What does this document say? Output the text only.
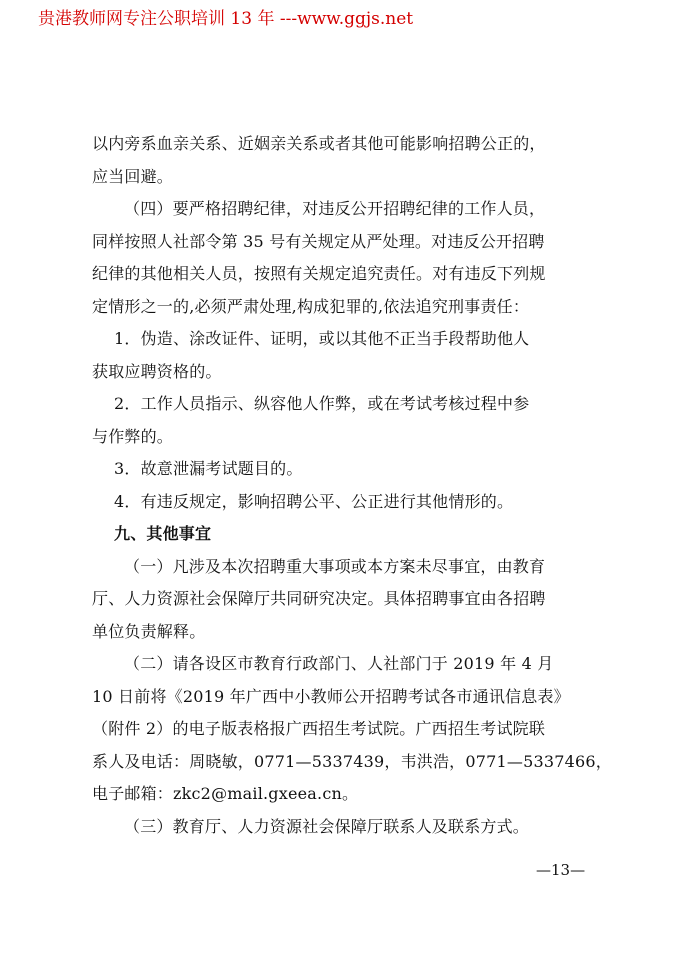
贵港教师网专注公职培训 13 年 ---www.ggjs.net
以内旁系血亲关系、近姻亲关系或者其他可能影响招聘公正的，
应当回避。
（四）要严格招聘纪律，对违反公开招聘纪律的工作人员，
同样按照人社部令第 35 号有关规定从严处理。对违反公开招聘
纪律的其他相关人员，按照有关规定追究责任。对有违反下列规
定情形之一的,必须严肃处理,构成犯罪的,依法追究刑事责任：
1．伪造、涂改证件、证明，或以其他不正当手段帮助他人
获取应聘资格的。
2．工作人员指示、纵容他人作弊，或在考试考核过程中参
与作弊的。
3．故意泄漏考试题目的。
4．有违反规定，影响招聘公平、公正进行其他情形的。
九、其他事宜
（一）凡涉及本次招聘重大事项或本方案未尽事宜，由教育
厅、人力资源社会保障厅共同研究决定。具体招聘事宜由各招聘
单位负责解释。
（二）请各设区市教育行政部门、人社部门于 2019 年 4 月
10 日前将《2019 年广西中小教师公开招聘考试各市通讯信息表》
（附件 2）的电子版表格报广西招生考试院。广西招生考试院联
系人及电话：周晓敏，0771—5337439，韦洪浩，0771—5337466，
电子邮箱：zkc2@mail.gxeea.cn。
（三）教育厅、人力资源社会保障厅联系人及联系方式。
—13—
